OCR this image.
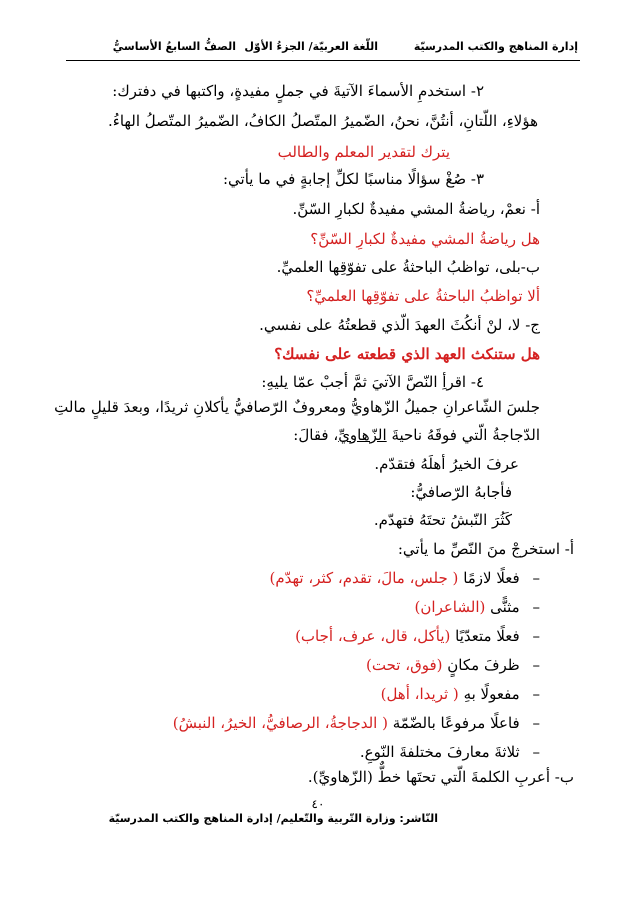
إدارة المناهج والكتب المدرسيّة
اللّغة العربيّة/ الجزءُ الأوّل
الصفُّ السابعُ الأساسيُّ
٢- استخدمِ الأسماءَ الآتيةَ في جملٍ مفيدةٍ، واكتبها في دفترك:
هؤلاءِ، اللّتانِ، أنتُنَّ، نحنُ، الضّميرُ المتّصلُ الكافُ، الضّميرُ المتّصلُ الهاءُ.
يترك لتقدير المعلم والطالب
٣- صُغْ سؤالًا مناسبًا لكلِّ إجابةٍ في ما يأتي:
أ- نعمْ، رياضةُ المشي مفيدةٌ لكبارِ السّنِّ.
هل رياضةُ المشي مفيدةٌ لكبارِ السّنِّ؟
ب-بلى، تواظبُ الباحثةُ على تفوّقِها العلميِّ.
ألا تواظبُ الباحثةُ على تفوّقِها العلميِّ؟
ج- لا، لنْ أنكُثَ العهدَ الّذي قطعتُهُ على نفسي.
هل ستنكث العهد الذي قطعته على نفسك؟
٤- اقرأِ النّصَّ الآتيَ ثمَّ أجبْ عمّا يليهِ:
جلسَ الشّاعرانِ جميلُ الزّهاويُّ ومعروفٌ الرّصافيُّ يأكلانِ ثريدًا، وبعدَ قليلٍ مالتِ
الدّجاجةُ الّتي فوقَهُ ناحيةَ الزّهاويِّ، فقالَ:
عرفَ الخيرُ أهلَهُ فتقدّم.
فأجابهُ الرّصافيُّ:
كَثُرَ النّبشُ تحتَهُ فتهدّم.
أ- استخرجْ منَ النّصِّ ما يأتي:
– فعلًا لازمًا ( جلس، مالَ، تقدم، كثر، تهدّم)
– مثنًّى (الشاعران)
– فعلًا متعدّيًا (يأكل، قال، عرف، أجاب)
– ظرفَ مكانٍ (فوق، تحت)
– مفعولًا بهِ ( ثريدا، أهل)
– فاعلًا مرفوعًا بالضّمّة ( الدجاجةُ، الرصافيُّ، الخيرُ، النبشُ)
– ثلاثةَ معارفَ مختلفةَ النّوعِ.
ب- أعربِ الكلمةَ الّتي تحتَها خطٌّ (الزّهاويِّ).
٤٠
النّاشر: وزارة التّربية والتّعليم/ إدارة المناهج والكتب المدرسيّة
